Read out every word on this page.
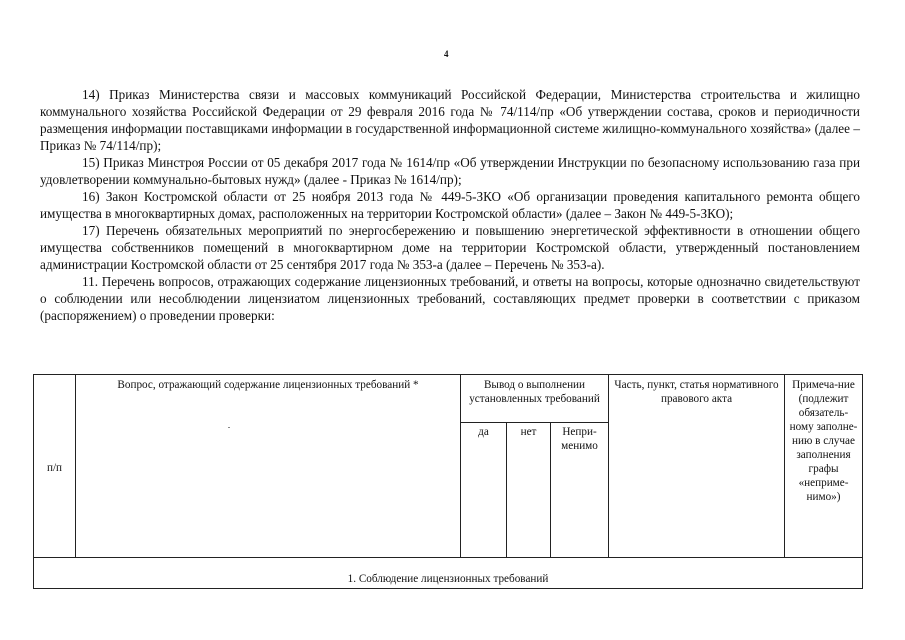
4

14) Приказ Министерства связи и массовых коммуникаций Российской Федерации, Министерства строительства и жилищно коммунального хозяйства Российской Федерации от 29 февраля 2016 года № 74/114/пр «Об утверждении состава, сроков и периодичности размещения информации поставщиками информации в государственной информационной системе жилищно-коммунального хозяйства» (далее – Приказ № 74/114/пр);

15) Приказ Минстроя России от 05 декабря 2017 года № 1614/пр «Об утверждении Инструкции по безопасному использованию газа при удовлетворении коммунально-бытовых нужд» (далее - Приказ № 1614/пр);

16) Закон Костромской области от 25 ноября 2013 года № 449-5-ЗКО «Об организации проведения капитального ремонта общего имущества в многоквартирных домах, расположенных на территории Костромской области» (далее – Закон № 449-5-ЗКО);

17) Перечень обязательных мероприятий по энергосбережению и повышению энергетической эффективности в отношении общего имущества собственников помещений в многоквартирном доме на территории Костромской области, утвержденный постановлением администрации Костромской области от 25 сентября 2017 года № 353-а (далее – Перечень № 353-а).

11. Перечень вопросов, отражающих содержание лицензионных требований, и ответы на вопросы, которые однозначно свидетельствуют о соблюдении или несоблюдении лицензиатом лицензионных требований, составляющих предмет проверки в соответствии с приказом (распоряжением) о проведении проверки:

п/п	Вопрос, отражающий содержание лицензионных требований *	Вывод о выполнении установленных требований			Часть, пункт, статья нормативного правового акта	Примеча-ние (подлежит обязатель-ному заполне-нию в случае заполнения графы «неприме-нимо»)
		да	нет	Непри-менимо		
1. Соблюдение лицензионных требований						
